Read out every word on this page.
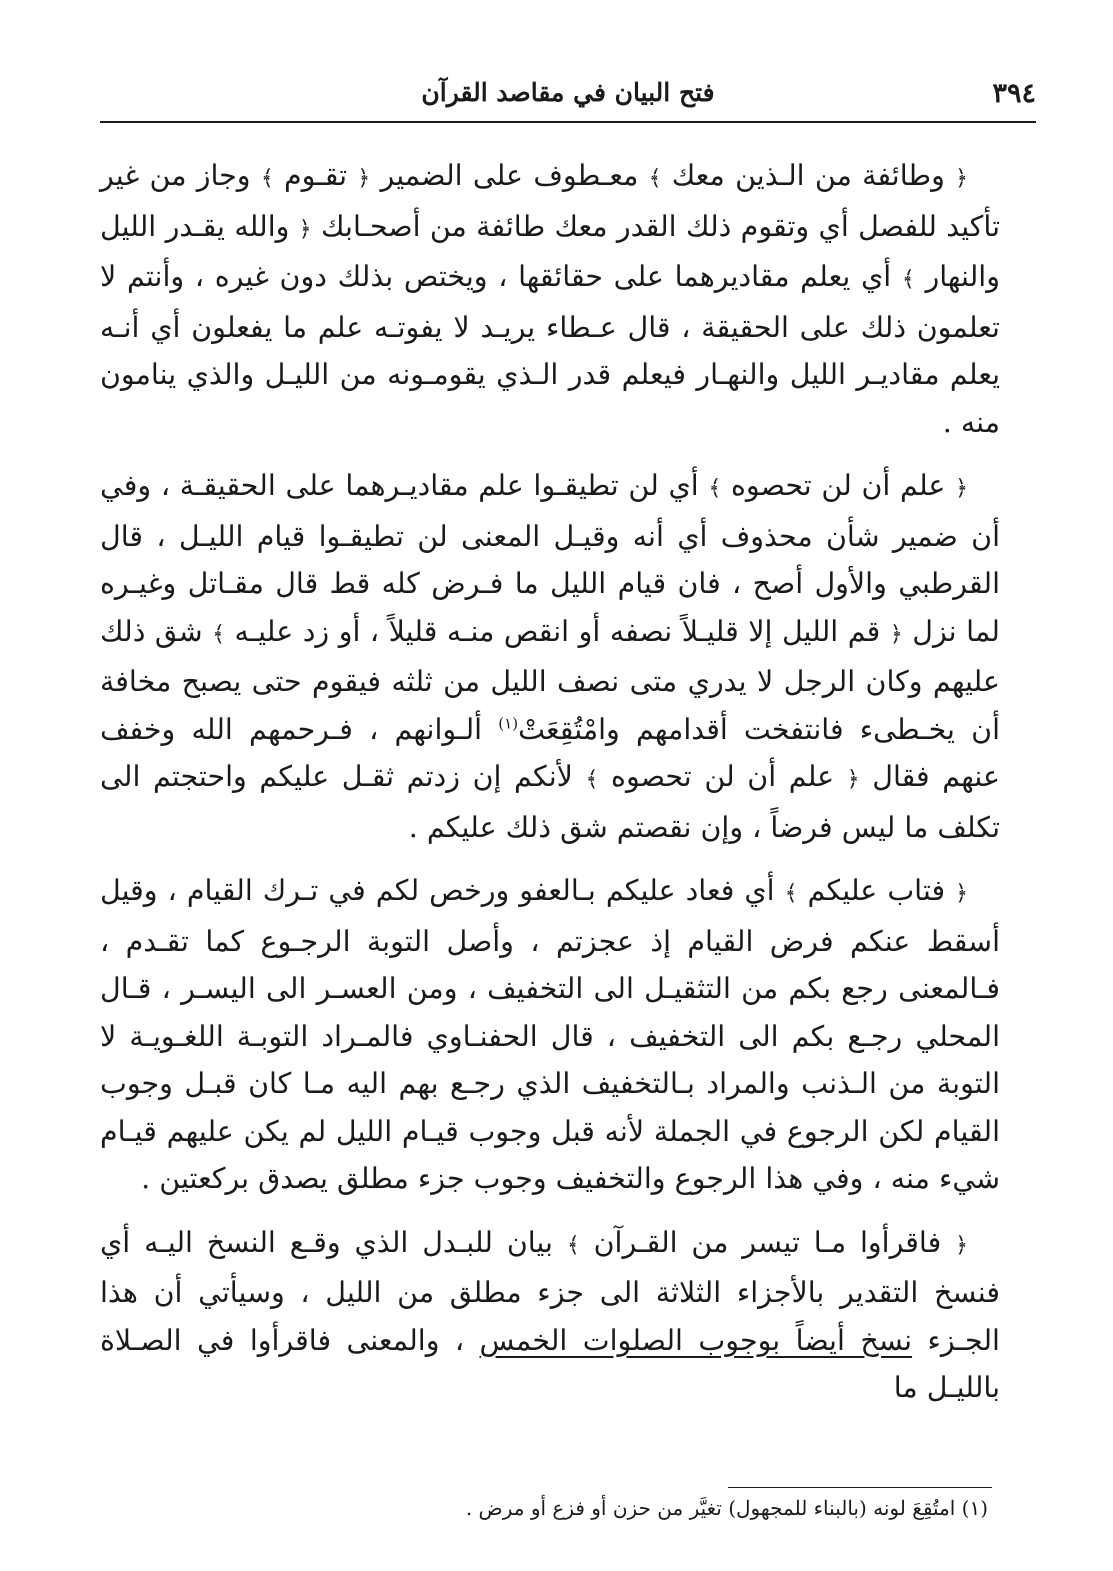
٣٩٤
فتح البيان في مقاصد القرآن

﴿ وطائفة من الـذين معك ﴾ معـطوف على الضمير ﴿ تقـوم ﴾ وجاز من غير تأكيد للفصل أي وتقوم ذلك القدر معك طائفة من أصحـابك ﴿ والله يقـدر الليل والنهار ﴾ أي يعلم مقاديرهما على حقائقها ، ويختص بذلك دون غيره ، وأنتم لا تعلمون ذلك على الحقيقة ، قال عـطاء يريـد لا يفوتـه علم ما يفعلون أي أنـه يعلم مقاديـر الليل والنهـار فيعلم قدر الـذي يقومـونه من الليـل والذي ينامون منه .

﴿ علم أن لن تحصوه ﴾ أي لن تطيقـوا علم مقاديـرهما على الحقيقـة ، وفي أن ضمير شأن محذوف أي أنه وقيـل المعنى لن تطيقـوا قيام الليـل ، قال القرطبي والأول أصح ، فان قيام الليل ما فـرض كله قط قال مقـاتل وغيـره لما نزل ﴿ قم الليل إلا قليـلاً نصفه أو انقص منـه قليلاً ، أو زد عليـه ﴾ شق ذلك عليهم وكان الرجل لا يدري متى نصف الليل من ثلثه فيقوم حتى يصبح مخافة أن يخـطىء فانتفخت أقدامهم وامْتُقِعَتْ$^{(١)}$ ألـوانهم ، فـرحمهم الله وخفف عنهم فقال ﴿ علم أن لن تحصوه ﴾ لأنكم إن زدتم ثقـل عليكم واحتجتم الى تكلف ما ليس فرضاً ، وإن نقصتم شق ذلك عليكم .

﴿ فتاب عليكم ﴾ أي فعاد عليكم بـالعفو ورخص لكم في تـرك القيام ، وقيل أسقط عنكم فرض القيام إذ عجزتم ، وأصل التوبة الرجـوع كما تقـدم ، فـالمعنى رجع بكم من التثقيـل الى التخفيف ، ومن العسـر الى اليسـر ، قـال المحلي رجـع بكم الى التخفيف ، قال الحفنـاوي فالمـراد التوبـة اللغـويـة لا التوبة من الـذنب والمراد بـالتخفيف الذي رجـع بهم اليه مـا كان قبـل وجوب القيام لكن الرجوع في الجملة لأنه قبل وجوب قيـام الليل لم يكن عليهم قيـام شيء منه ، وفي هذا الرجوع والتخفيف وجوب جزء مطلق يصدق بركعتين .

﴿ فاقرأوا مـا تيسر من القـرآن ﴾ بيان للبـدل الذي وقـع النسخ اليـه أي فنسخ التقدير بالأجزاء الثلاثة الى جزء مطلق من الليل ، وسيأتي أن هذا الجـزء نسخ أيضاً بوجوب الصلوات الخمس ، والمعنى فاقرأوا في الصـلاة بالليـل ما

(١) امتُقِعَ لونه (بالبناء للمجهول) تغيَّر من حزن أو فزع أو مرض .
